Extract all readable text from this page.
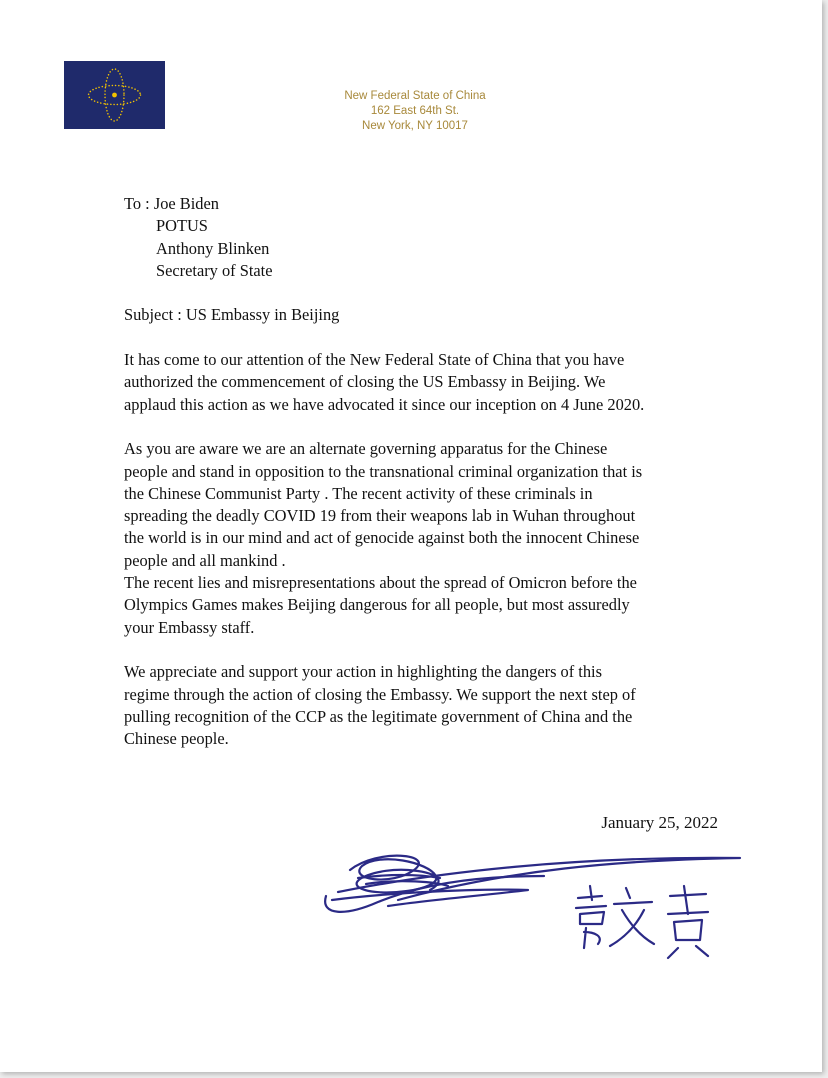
New Federal State of China
162 East 64th St.
New York, NY 10017

To : Joe Biden

POTUS

Anthony Blinken

Secretary of State

Subject : US Embassy in Beijing

It has come to our attention of the New Federal State of China that you have

authorized the commencement of closing the US Embassy in Beijing. We

applaud this action as we have advocated it since our inception on 4 June 2020.

As you are aware we are an alternate governing apparatus for the Chinese

people and stand in opposition to the transnational criminal organization that is

the Chinese Communist Party . The recent activity of these criminals in

spreading the deadly COVID 19 from their weapons lab in Wuhan throughout

the world is in our mind and act of genocide against both the innocent Chinese

people and all mankind .

The recent lies and misrepresentations about the spread of Omicron before the

Olympics Games makes Beijing dangerous for all people, but most assuredly

your Embassy staff.

We appreciate and support your action in highlighting the dangers of this

regime through the action of closing the Embassy. We support the next step of

pulling recognition of the CCP as the legitimate government of China and the

Chinese people.

January 25, 2022
